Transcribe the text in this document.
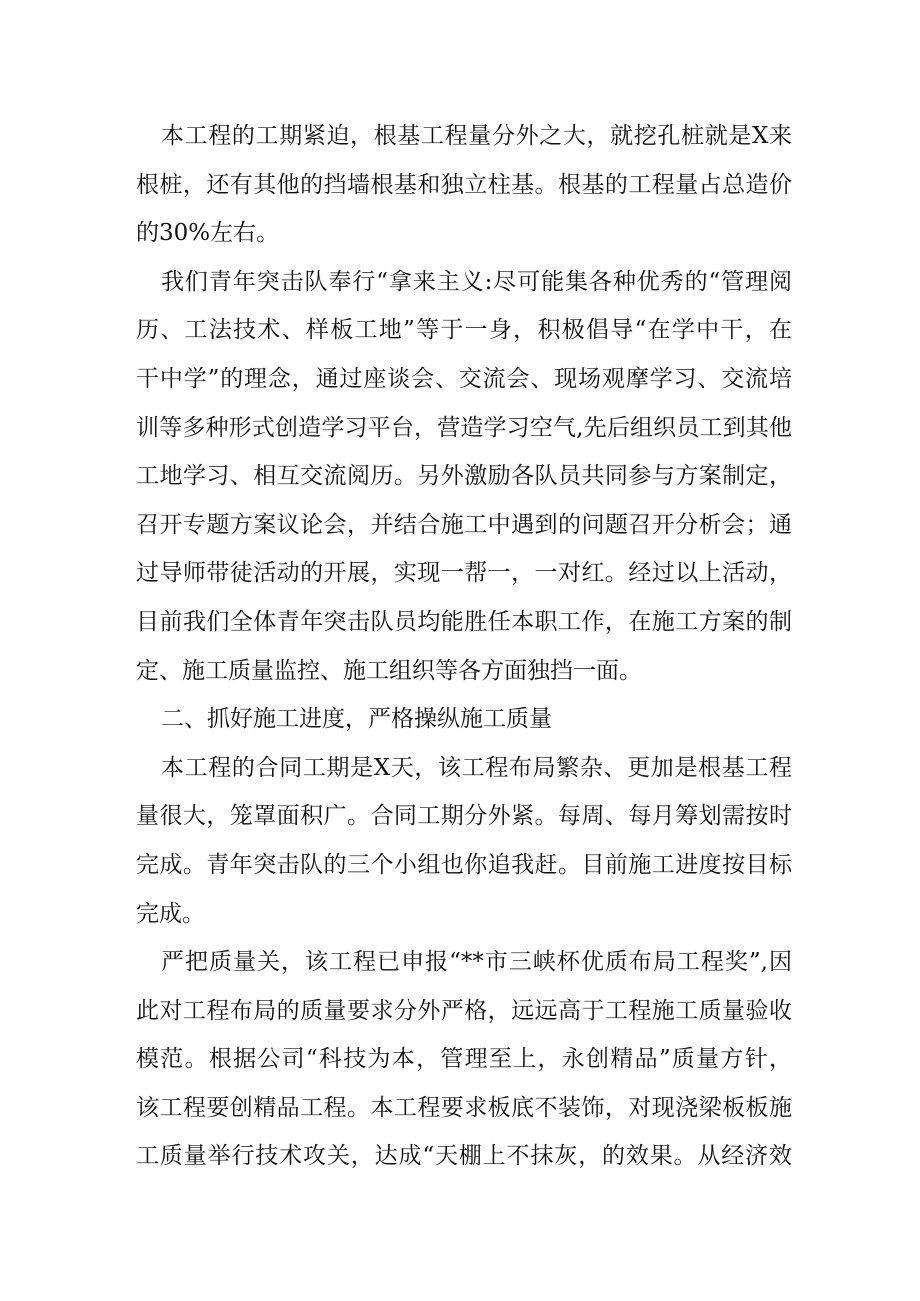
本工程的工期紧迫，根基工程量分外之大，就挖孔桩就是X来
根桩，还有其他的挡墙根基和独立柱基。根基的工程量占总造价
的30%左右。
我们青年突击队奉行“拿来主义:尽可能集各种优秀的“管理阅
历、工法技术、样板工地”等于一身，积极倡导“在学中干，在
干中学”的理念，通过座谈会、交流会、现场观摩学习、交流培
训等多种形式创造学习平台，营造学习空气,先后组织员工到其他
工地学习、相互交流阅历。另外激励各队员共同参与方案制定，
召开专题方案议论会，并结合施工中遇到的问题召开分析会；通
过导师带徒活动的开展，实现一帮一，一对红。经过以上活动，
目前我们全体青年突击队员均能胜任本职工作，在施工方案的制
定、施工质量监控、施工组织等各方面独挡一面。
二、抓好施工进度，严格操纵施工质量
本工程的合同工期是X天，该工程布局繁杂、更加是根基工程
量很大，笼罩面积广。合同工期分外紧。每周、每月筹划需按时
完成。青年突击队的三个小组也你追我赶。目前施工进度按目标
完成。
严把质量关，该工程已申报“**市三峡杯优质布局工程奖”,因
此对工程布局的质量要求分外严格，远远高于工程施工质量验收
模范。根据公司“科技为本，管理至上，永创精品”质量方针，
该工程要创精品工程。本工程要求板底不装饰，对现浇梁板板施
工质量举行技术攻关，达成“天棚上不抹灰，的效果。从经济效
